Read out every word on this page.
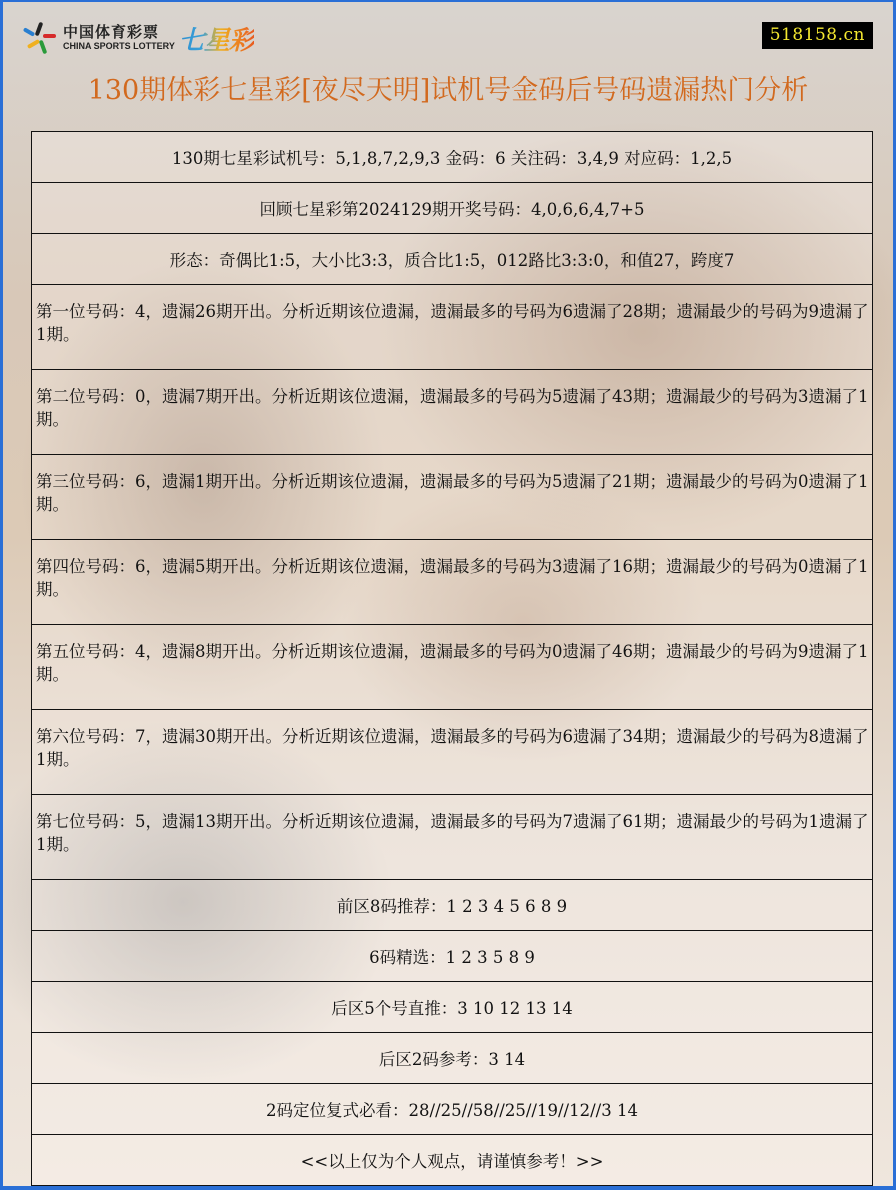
中国体育彩票
CHINA SPORTS LOTTERY 七星彩	518158.cn
130期体彩七星彩[夜尽天明]试机号金码后号码遗漏热门分析
130期七星彩试机号：5,1,8,7,2,9,3 金码：6 关注码：3,4,9 对应码：1,2,5
回顾七星彩第2024129期开奖号码：4,0,6,6,4,7+5
形态：奇偶比1:5，大小比3:3，质合比1:5，012路比3:3:0，和值27，跨度7
第一位号码：4，遗漏26期开出。分析近期该位遗漏，遗漏最多的号码为6遗漏了28期；遗漏最少的号码为9遗漏了1期。
第二位号码：0，遗漏7期开出。分析近期该位遗漏，遗漏最多的号码为5遗漏了43期；遗漏最少的号码为3遗漏了1期。
第三位号码：6，遗漏1期开出。分析近期该位遗漏，遗漏最多的号码为5遗漏了21期；遗漏最少的号码为0遗漏了1期。
第四位号码：6，遗漏5期开出。分析近期该位遗漏，遗漏最多的号码为3遗漏了16期；遗漏最少的号码为0遗漏了1期。
第五位号码：4，遗漏8期开出。分析近期该位遗漏，遗漏最多的号码为0遗漏了46期；遗漏最少的号码为9遗漏了1期。
第六位号码：7，遗漏30期开出。分析近期该位遗漏，遗漏最多的号码为6遗漏了34期；遗漏最少的号码为8遗漏了1期。
第七位号码：5，遗漏13期开出。分析近期该位遗漏，遗漏最多的号码为7遗漏了61期；遗漏最少的号码为1遗漏了1期。
前区8码推荐：1 2 3 4 5 6 8 9
6码精选：1 2 3 5 8 9
后区5个号直推：3 10 12 13 14
后区2码参考：3 14
2码定位复式必看：28//25//58//25//19//12//3 14
<<以上仅为个人观点，请谨慎参考！>>
